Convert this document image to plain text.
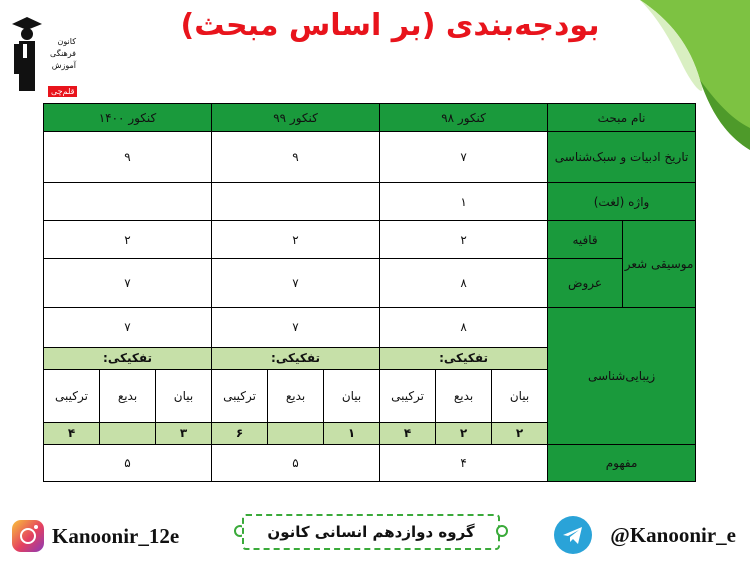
کانون
فرهنگی
آموزش
قلم‌چی
بودجه‌بندی (بر اساس مبحث)
نام مبحث		کنکور ۹۸			کنکور ۹۹			کنکور ۱۴۰۰		
تاریخ ادبیات و سبک‌شناسی		۷			۹			۹		
واژه (لغت)		۱								
موسیقی شعر	قافیه	۲			۲			۲		
	عروض	۸			۷			۷		
زیبایی‌شناسی		۸			۷			۷		
		تفکیکی:			تفکیکی:			تفکیکی:		
		بیان	بدیع	ترکیبی	بیان	بدیع	ترکیبی	بیان	بدیع	ترکیبی
		۲	۲	۴	۱		۶	۳		۴
مفهوم		۴			۵			۵		
Kanoonir_12e	گروه دوازدهم انسانی کانون	@Kanoonir_e
